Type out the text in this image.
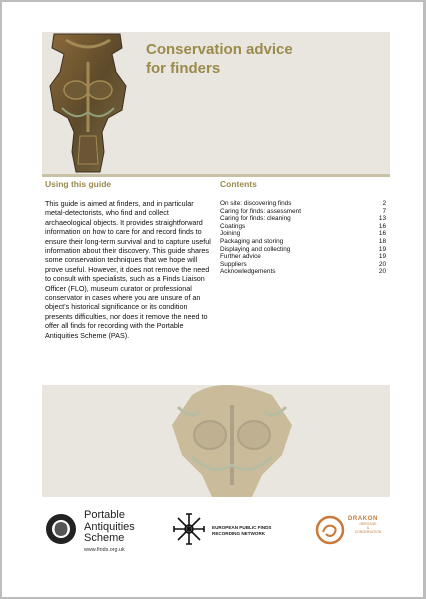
Conservation advice
for finders
Using this guide	Contents
This guide is aimed at finders, and in particular metal-detectorists, who find and collect archaeological objects. It provides straightforward information on how to care for and record finds to ensure their long-term survival and to capture useful information about their discovery. This guide shares some conservation techniques that we hope will prove useful. However, it does not remove the need to consult with specialists, such as a Finds Liaison Officer (FLO), museum curator or professional conservator in cases where you are unsure of an object’s historical significance or its condition presents difficulties, nor does it remove the need to offer all finds for recording with the Portable Antiquities Scheme (PAS).
On site: discovering finds	2
Caring for finds: assessment	7
Caring for finds: cleaning	13
Coatings	16
Joining	16
Packaging and storing	18
Displaying and collecting	19
Further advice	19
Suppliers	20
Acknowledgements	20
Portable
Antiquities
Scheme
www.finds.org.uk
EUROPEAN PUBLIC FINDS
RECORDING NETWORK
DRAKON
HERITAGE
&
CONSERVATION
